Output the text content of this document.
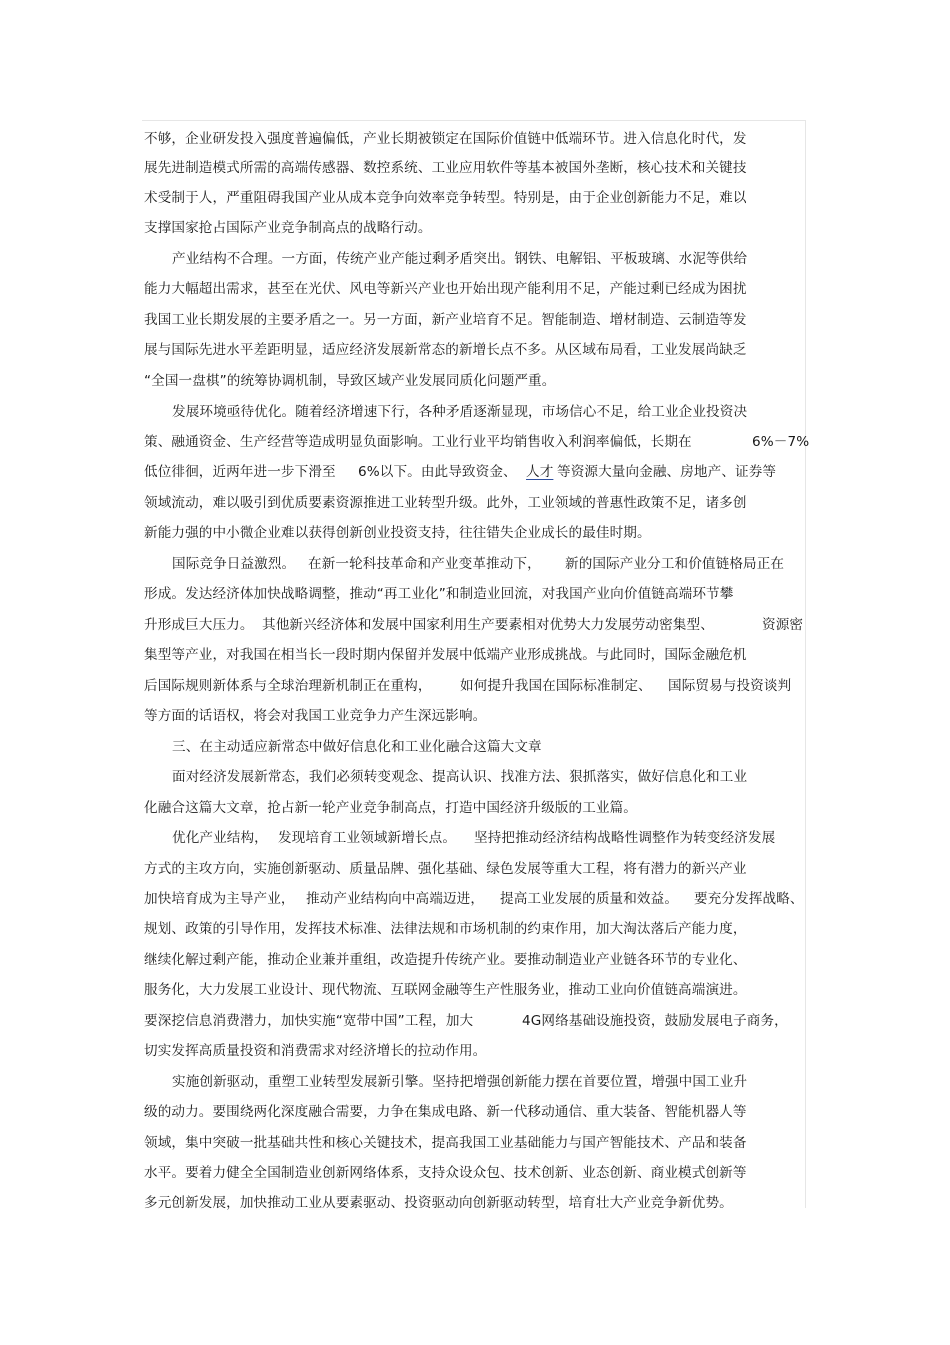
不够，企业研发投入强度普遍偏低，产业长期被锁定在国际价值链中低端环节。进入信息化时代，发
展先进制造模式所需的高端传感器、数控系统、工业应用软件等基本被国外垄断，核心技术和关键技
术受制于人，严重阻碍我国产业从成本竞争向效率竞争转型。特别是，由于企业创新能力不足，难以
支撑国家抢占国际产业竞争制高点的战略行动。
产业结构不合理。一方面，传统产业产能过剩矛盾突出。钢铁、电解铝、平板玻璃、水泥等供给
能力大幅超出需求，甚至在光伏、风电等新兴产业也开始出现产能利用不足，产能过剩已经成为困扰
我国工业长期发展的主要矛盾之一。另一方面，新产业培育不足。智能制造、增材制造、云制造等发
展与国际先进水平差距明显，适应经济发展新常态的新增长点不多。从区域布局看，工业发展尚缺乏
“全国一盘棋”的统筹协调机制，导致区域产业发展同质化问题严重。
发展环境亟待优化。随着经济增速下行，各种矛盾逐渐显现，市场信心不足，给工业企业投资决
策、融通资金、生产经营等造成明显负面影响。工业行业平均销售收入利润率偏低，长期在	6%－7%
低位徘徊，近两年进一步下滑至 6%以下。由此导致资金、 人才 等资源大量向金融、房地产、证券等
领域流动，难以吸引到优质要素资源推进工业转型升级。此外，工业领域的普惠性政策不足，诸多创
新能力强的中小微企业难以获得创新创业投资支持，往往错失企业成长的最佳时期。
国际竞争日益激烈。 在新一轮科技革命和产业变革推动下， 新的国际产业分工和价值链格局正在
形成。发达经济体加快战略调整，推动“再工业化”和制造业回流，对我国产业向价值链高端环节攀
升形成巨大压力。 其他新兴经济体和发展中国家利用生产要素相对优势大力发展劳动密集型、	资源密
集型等产业，对我国在相当长一段时期内保留并发展中低端产业形成挑战。与此同时，国际金融危机
后国际规则新体系与全球治理新机制正在重构， 如何提升我国在国际标准制定、 国际贸易与投资谈判
等方面的话语权，将会对我国工业竞争力产生深远影响。
三、在主动适应新常态中做好信息化和工业化融合这篇大文章
面对经济发展新常态，我们必须转变观念、提高认识、找准方法、狠抓落实，做好信息化和工业
化融合这篇大文章，抢占新一轮产业竞争制高点，打造中国经济升级版的工业篇。
优化产业结构， 发现培育工业领域新增长点。 坚持把推动经济结构战略性调整作为转变经济发展
方式的主攻方向，实施创新驱动、质量品牌、强化基础、绿色发展等重大工程，将有潜力的新兴产业
加快培育成为主导产业， 推动产业结构向中高端迈进， 提高工业发展的质量和效益。 要充分发挥战略、
规划、政策的引导作用，发挥技术标准、法律法规和市场机制的约束作用，加大淘汰落后产能力度，
继续化解过剩产能，推动企业兼并重组，改造提升传统产业。要推动制造业产业链各环节的专业化、
服务化，大力发展工业设计、现代物流、互联网金融等生产性服务业，推动工业向价值链高端演进。
要深挖信息消费潜力，加快实施“宽带中国”工程，加大	4G网络基础设施投资，鼓励发展电子商务，
切实发挥高质量投资和消费需求对经济增长的拉动作用。
实施创新驱动，重塑工业转型发展新引擎。坚持把增强创新能力摆在首要位置，增强中国工业升
级的动力。要围绕两化深度融合需要，力争在集成电路、新一代移动通信、重大装备、智能机器人等
领域，集中突破一批基础共性和核心关键技术，提高我国工业基础能力与国产智能技术、产品和装备
水平。要着力健全全国制造业创新网络体系，支持众设众包、技术创新、业态创新、商业模式创新等
多元创新发展，加快推动工业从要素驱动、投资驱动向创新驱动转型，培育壮大产业竞争新优势。
